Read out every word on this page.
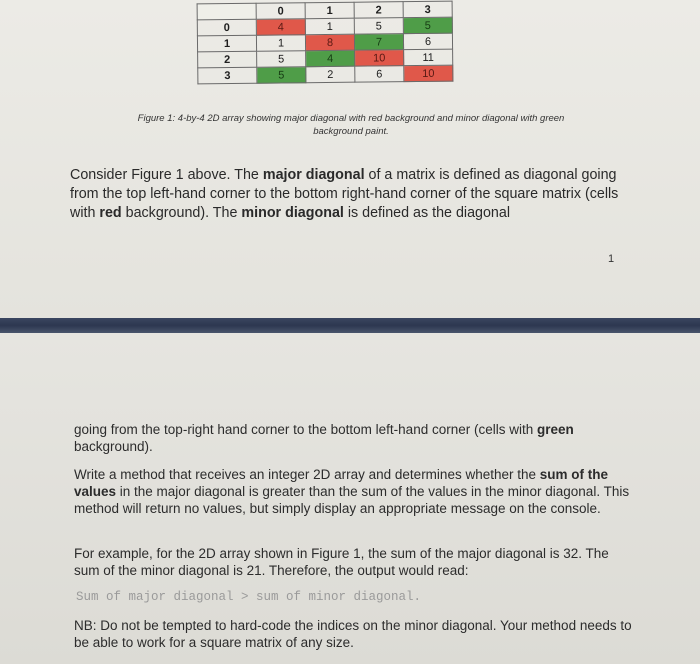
	0	1	2	3
0	4	1	5	5
1	1	8	7	6
2	5	4	10	11
3	5	2	6	10
Figure 1: 4-by-4 2D array showing major diagonal with red background and minor diagonal with green
background paint.
Consider Figure 1 above. The major diagonal of a matrix is defined as diagonal going from the top left-hand corner to the bottom right-hand corner of the square matrix (cells with red background). The minor diagonal is defined as the diagonal
1
going from the top-right hand corner to the bottom left-hand corner (cells with green background).
Write a method that receives an integer 2D array and determines whether the sum of the values in the major diagonal is greater than the sum of the values in the minor diagonal. This method will return no values, but simply display an appropriate message on the console.
For example, for the 2D array shown in Figure 1, the sum of the major diagonal is 32. The sum of the minor diagonal is 21. Therefore, the output would read:
Sum of major diagonal > sum of minor diagonal.
NB: Do not be tempted to hard-code the indices on the minor diagonal. Your method needs to be able to work for a square matrix of any size.
